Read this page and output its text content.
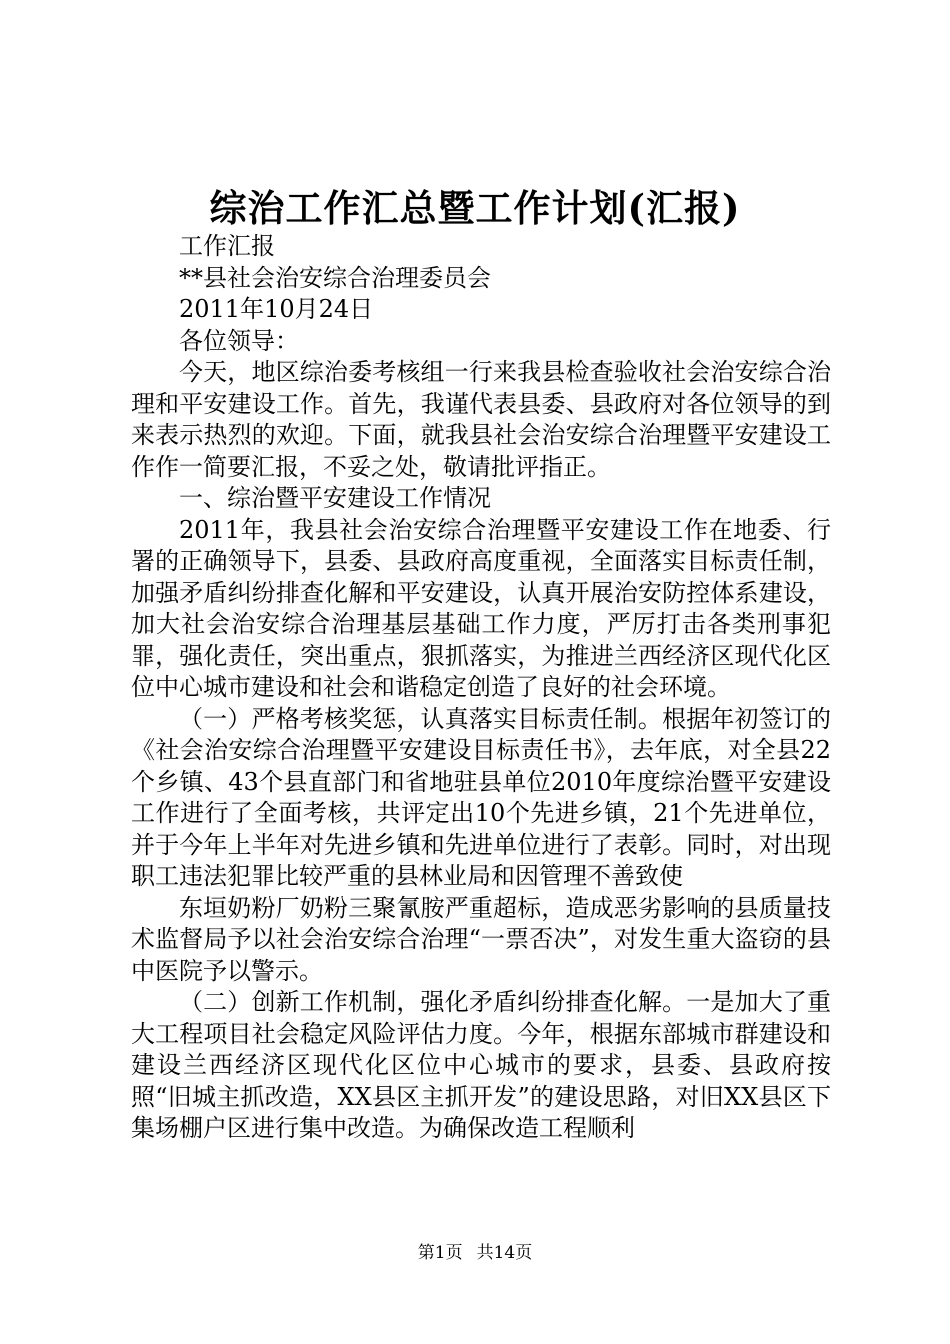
综治工作汇总暨工作计划(汇报)

工作汇报

**县社会治安综合治理委员会

2011年10月24日

各位领导：

今天，地区综治委考核组一行来我县检查验收社会治安综合治理和平安建设工作。首先，我谨代表县委、县政府对各位领导的到来表示热烈的欢迎。下面，就我县社会治安综合治理暨平安建设工作作一简要汇报，不妥之处，敬请批评指正。

一、综治暨平安建设工作情况

2011年，我县社会治安综合治理暨平安建设工作在地委、行署的正确领导下，县委、县政府高度重视，全面落实目标责任制，加强矛盾纠纷排查化解和平安建设，认真开展治安防控体系建设，加大社会治安综合治理基层基础工作力度，严厉打击各类刑事犯罪，强化责任，突出重点，狠抓落实，为推进兰西经济区现代化区位中心城市建设和社会和谐稳定创造了良好的社会环境。

（一）严格考核奖惩，认真落实目标责任制。根据年初签订的《社会治安综合治理暨平安建设目标责任书》，去年底，对全县22个乡镇、43个县直部门和省地驻县单位2010年度综治暨平安建设工作进行了全面考核，共评定出10个先进乡镇，21个先进单位，并于今年上半年对先进乡镇和先进单位进行了表彰。同时，对出现职工违法犯罪比较严重的县林业局和因管理不善致使

东垣奶粉厂奶粉三聚氰胺严重超标，造成恶劣影响的县质量技术监督局予以社会治安综合治理“一票否决”，对发生重大盗窃的县中医院予以警示。

（二）创新工作机制，强化矛盾纠纷排查化解。一是加大了重大工程项目社会稳定风险评估力度。今年，根据东部城市群建设和建设兰西经济区现代化区位中心城市的要求，县委、县政府按照“旧城主抓改造，XX县区主抓开发”的建设思路，对旧XX县区下集场棚户区进行集中改造。为确保改造工程顺利

第1页 共14页
